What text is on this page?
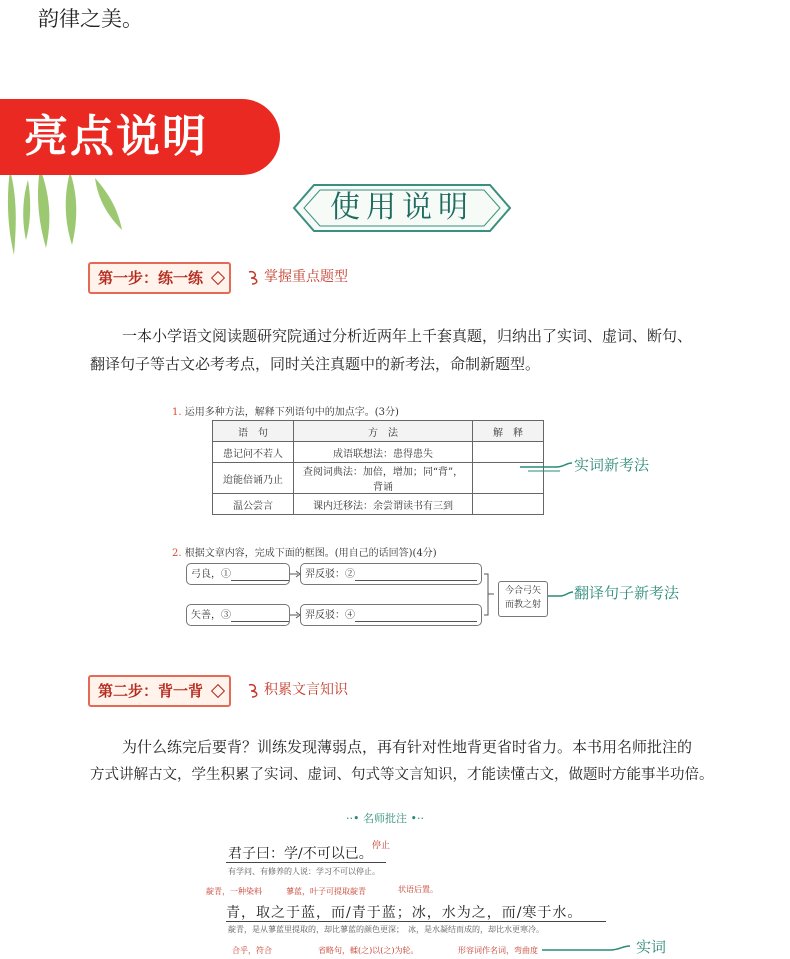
韵律之美。
亮点说明
使用说明
第一步：练一练	掌握重点题型
一本小学语文阅读题研究院通过分析近两年上千套真题，归纳出了实词、虚词、断句、
翻译句子等古文必考考点，同时关注真题中的新考法，命制新题型。
1. 运用多种方法，解释下列语句中的加点字。(3分)
语　句	方　法	解　释
患记问不若人	成语联想法：患得患失	
迨能倍诵乃止	查阅词典法：加倍，增加；同“背”，背诵	
温公尝言	课内迁移法：余尝谓读书有三到	
实词新考法
2. 根据文章内容，完成下面的框图。(用自己的话回答)(4分)
弓良，①	羿反驳：②
矢善，③	羿反驳：④
今合弓矢
而教之射
翻译句子新考法
第二步：背一背	积累文言知识
为什么练完后要背？训练发现薄弱点，再有针对性地背更省时省力。本书用名师批注的
方式讲解古文，学生积累了实词、虚词、句式等文言知识，才能读懂古文，做题时方能事半功倍。
··• 名师批注 •··
君子曰：学/不可以已。 停止
有学问、有修养的人说：学习不可以停止。
靛青，一种染料	蓼蓝，叶子可提取靛青	状语后置。
青，取之于蓝，而/青于蓝；冰，水为之，而/寒于水。
靛青，是从蓼蓝里提取的，却比蓼蓝的颜色更深；　冰，是水凝结而成的，却比水更寒冷。
合乎，符合	省略句，輮(之)以(之)为轮。	形容词作名词，弯曲度	实词
